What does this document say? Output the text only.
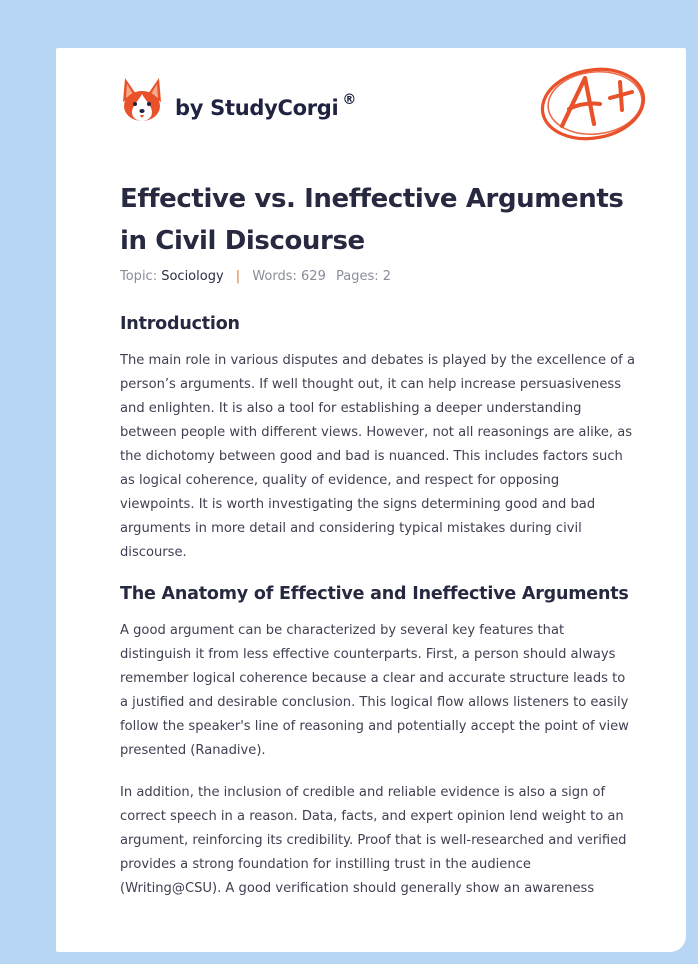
by StudyCorgi ®
Effective vs. Ineffective Arguments in Civil Discourse
Topic: Sociology | Words: 629 Pages: 2
Introduction

The main role in various disputes and debates is played by the excellence of a person’s arguments. If well thought out, it can help increase persuasiveness and enlighten. It is also a tool for establishing a deeper understanding between people with different views. However, not all reasonings are alike, as the dichotomy between good and bad is nuanced. This includes factors such as logical coherence, quality of evidence, and respect for opposing viewpoints. It is worth investigating the signs determining good and bad arguments in more detail and considering typical mistakes during civil discourse.

The Anatomy of Effective and Ineffective Arguments

A good argument can be characterized by several key features that distinguish it from less effective counterparts. First, a person should always remember logical coherence because a clear and accurate structure leads to a justified and desirable conclusion. This logical flow allows listeners to easily follow the speaker's line of reasoning and potentially accept the point of view presented (Ranadive).

In addition, the inclusion of credible and reliable evidence is also a sign of correct speech in a reason. Data, facts, and expert opinion lend weight to an argument, reinforcing its credibility. Proof that is well-researched and verified provides a strong foundation for instilling trust in the audience (Writing@CSU). A good verification should generally show an awareness
